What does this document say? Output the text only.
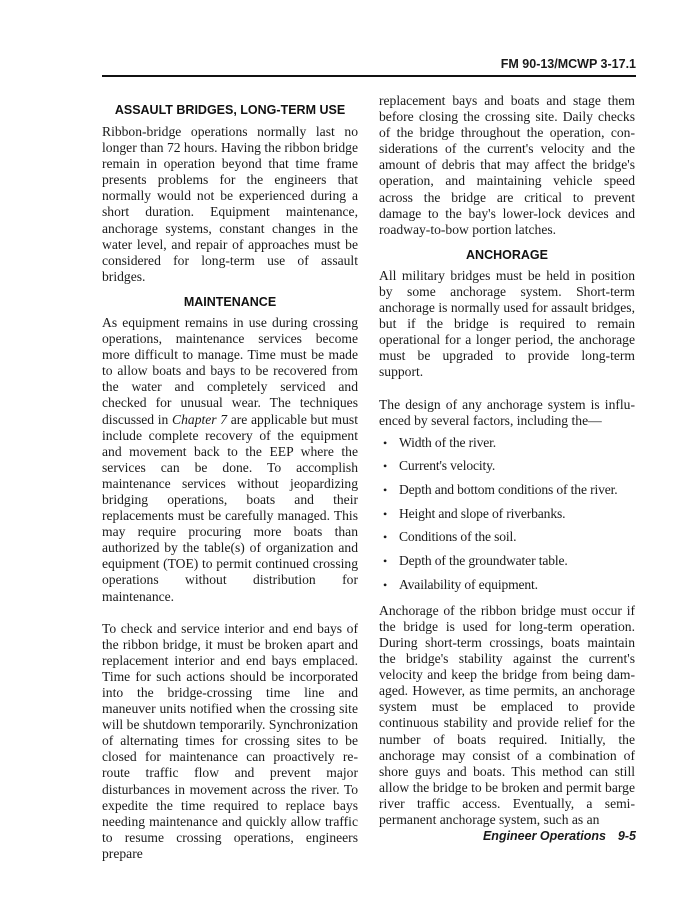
FM 90-13/MCWP 3-17.1
ASSAULT BRIDGES, LONG-TERM USE

Ribbon-bridge operations normally last no longer than 72 hours. Having the ribbon bridge remain in operation beyond that time frame presents problems for the engineers that normally would not be experienced during a short duration. Equipment maintenance, anchorage systems, constant changes in the water level, and repair of approaches must be considered for long-term use of assault bridges.

MAINTENANCE

As equipment remains in use during crossing operations, maintenance services become more difficult to manage. Time must be made to allow boats and bays to be recovered from the water and completely serviced and checked for unusual wear. The techniques discussed in Chapter 7 are applicable but must include complete recovery of the equipment and movement back to the EEP where the services can be done. To accomplish maintenance services without jeopardizing bridging operations, boats and their replacements must be carefully managed. This may require procuring more boats than authorized by the table(s) of organization and equipment (TOE) to permit continued crossing operations without distribution for maintenance.

To check and service interior and end bays of the ribbon bridge, it must be broken apart and replacement interior and end bays emplaced. Time for such actions should be incorporated into the bridge-crossing time line and maneuver units notified when the crossing site will be shutdown temporarily. Synchronization of alternating times for crossing sites to be closed for maintenance can proactively re-route traffic flow and prevent major disturbances in movement across the river. To expedite the time required to replace bays needing maintenance and quickly allow traffic to resume crossing operations, engineers prepare

replacement bays and boats and stage them before closing the crossing site. Daily checks of the bridge throughout the operation, considerations of the current's velocity and the amount of debris that may affect the bridge's operation, and maintaining vehicle speed across the bridge are critical to prevent damage to the bay's lower-lock devices and roadway-to-bow portion latches.

ANCHORAGE

All military bridges must be held in position by some anchorage system. Short-term anchorage is normally used for assault bridges, but if the bridge is required to remain operational for a longer period, the anchorage must be upgraded to provide long-term support.

The design of any anchorage system is influenced by several factors, including the—

• Width of the river.
• Current's velocity.
• Depth and bottom conditions of the river.
• Height and slope of riverbanks.
• Conditions of the soil.
• Depth of the groundwater table.
• Availability of equipment.

Anchorage of the ribbon bridge must occur if the bridge is used for long-term operation. During short-term crossings, boats maintain the bridge's stability against the current's velocity and keep the bridge from being damaged. However, as time permits, an anchorage system must be emplaced to provide continuous stability and provide relief for the number of boats required. Initially, the anchorage may consist of a combination of shore guys and boats. This method can still allow the bridge to be broken and permit barge river traffic access. Eventually, a semi-permanent anchorage system, such as an

Engineer Operations 9-5
